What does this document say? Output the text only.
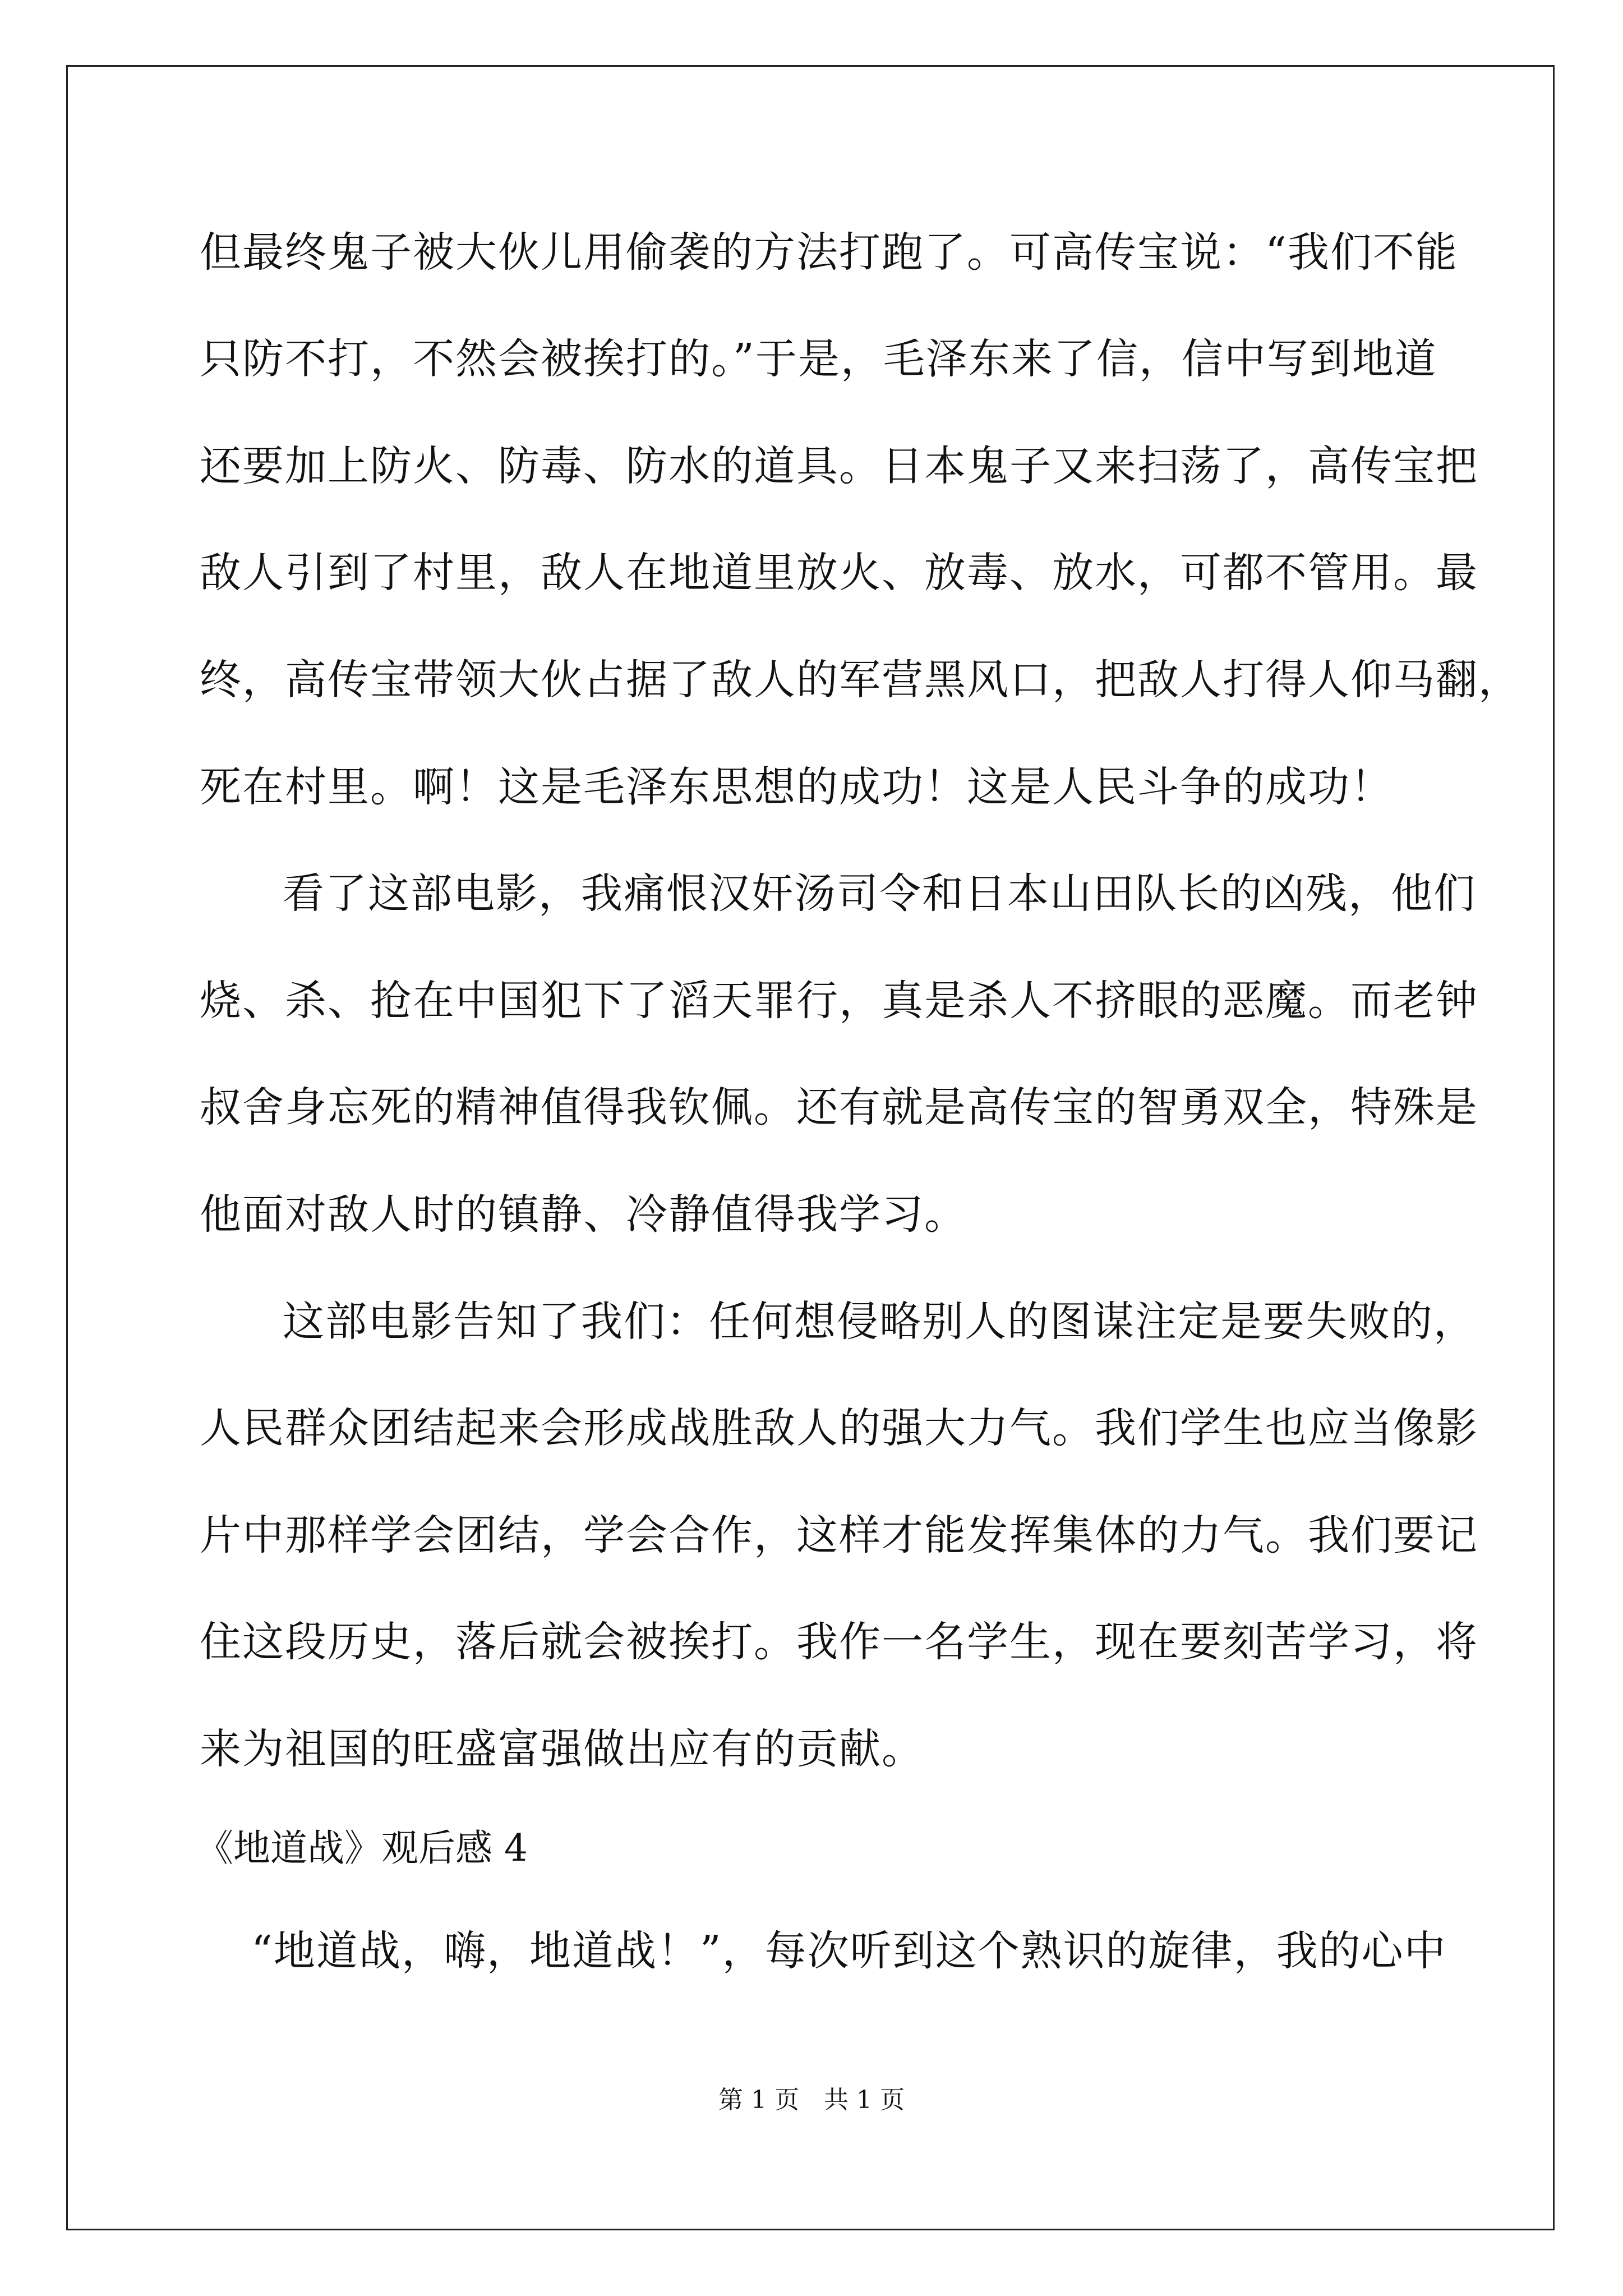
但最终鬼子被大伙儿用偷袭的方法打跑了。可高传宝说：“我们不能
只防不打，不然会被挨打的。”于是，毛泽东来了信，信中写到地道
还要加上防火、防毒、防水的道具。日本鬼子又来扫荡了，高传宝把
敌人引到了村里，敌人在地道里放火、放毒、放水，可都不管用。最
终，高传宝带领大伙占据了敌人的军营黑风口，把敌人打得人仰马翻，
死在村里。啊！这是毛泽东思想的成功！这是人民斗争的成功！
看了这部电影，我痛恨汉奸汤司令和日本山田队长的凶残，他们
烧、杀、抢在中国犯下了滔天罪行，真是杀人不挤眼的恶魔。而老钟
叔舍身忘死的精神值得我钦佩。还有就是高传宝的智勇双全，特殊是
他面对敌人时的镇静、冷静值得我学习。
这部电影告知了我们：任何想侵略别人的图谋注定是要失败的，
人民群众团结起来会形成战胜敌人的强大力气。我们学生也应当像影
片中那样学会团结，学会合作，这样才能发挥集体的力气。我们要记
住这段历史，落后就会被挨打。我作一名学生，现在要刻苦学习，将
来为祖国的旺盛富强做出应有的贡献。
《地道战》观后感 4
“地道战，嗨，地道战！”，每次听到这个熟识的旋律，我的心中
第 1 页　共 1 页
